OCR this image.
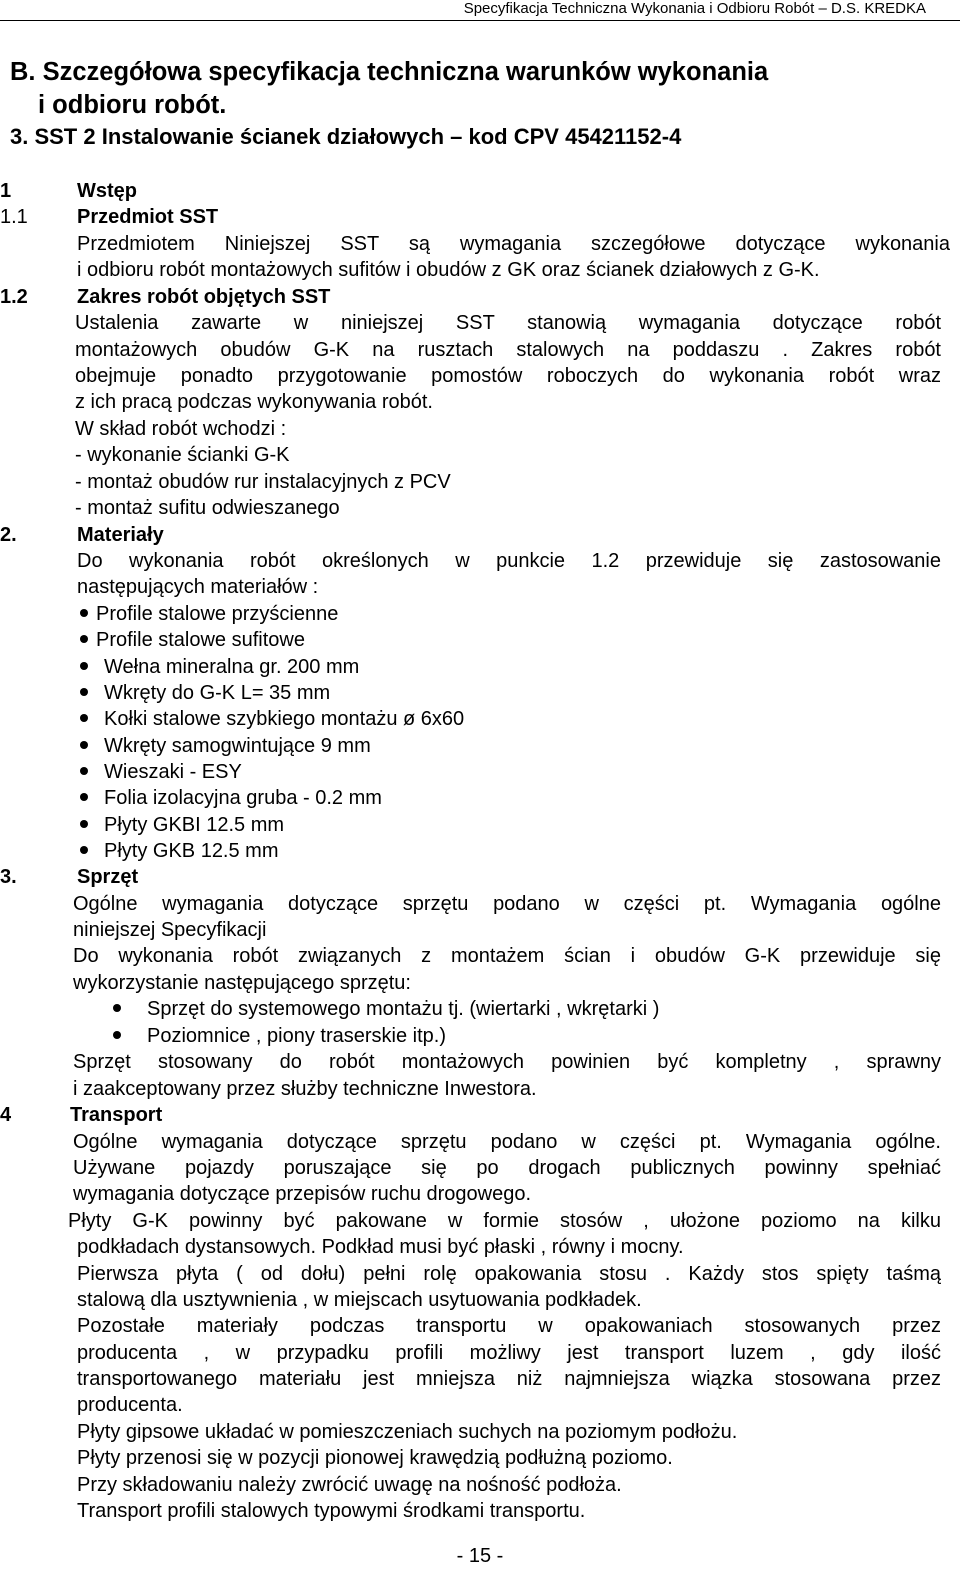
Specyfikacja Techniczna Wykonania i Odbioru Robót – D.S. KREDKA
B. Szczegółowa specyfikacja techniczna warunków wykonania
i odbioru robót.
3. SST 2 Instalowanie ścianek działowych – kod CPV 45421152-4
1	Wstęp
1.1 Przedmiot SST
Przedmiotem Niniejszej SST są wymagania szczegółowe dotyczące wykonania
i odbioru robót montażowych sufitów i obudów z GK oraz ścianek działowych z G-K.
1.2 Zakres robót objętych SST
Ustalenia zawarte w niniejszej SST stanowią wymagania dotyczące robót
montażowych obudów G-K na rusztach stalowych na poddaszu . Zakres robót
obejmuje ponadto przygotowanie pomostów roboczych do wykonania robót wraz
z ich pracą podczas wykonywania robót.
W skład robót wchodzi :
- wykonanie ścianki G-K
- montaż obudów rur instalacyjnych z PCV
- montaż sufitu odwieszanego
2.	Materiały
Do wykonania robót określonych w punkcie 1.2 przewiduje się zastosowanie
następujących materiałów :
Profile stalowe przyścienne
Profile stalowe sufitowe
Wełna mineralna gr. 200 mm
Wkręty do G-K L= 35 mm
Kołki stalowe szybkiego montażu ø 6x60
Wkręty samogwintujące 9 mm
Wieszaki - ESY
Folia izolacyjna gruba - 0.2 mm
Płyty GKBI 12.5 mm
Płyty GKB 12.5 mm
3.	Sprzęt
Ogólne wymagania dotyczące sprzętu podano w części pt. Wymagania ogólne
niniejszej Specyfikacji
Do wykonania robót związanych z montażem ścian i obudów G-K przewiduje się
wykorzystanie następującego sprzętu:
Sprzęt do systemowego montażu tj. (wiertarki , wkrętarki )
Poziomnice , piony traserskie itp.)
Sprzęt stosowany do robót montażowych powinien być kompletny , sprawny
i zaakceptowany przez służby techniczne Inwestora.
4	Transport
Ogólne wymagania dotyczące sprzętu podano w części pt. Wymagania ogólne.
Używane pojazdy poruszające się po drogach publicznych powinny spełniać
wymagania dotyczące przepisów ruchu drogowego.
Płyty G-K powinny być pakowane w formie stosów , ułożone poziomo na kilku
podkładach dystansowych. Podkład musi być płaski , równy i mocny.
Pierwsza płyta ( od dołu) pełni rolę opakowania stosu . Każdy stos spięty taśmą
stalową dla usztywnienia , w miejscach usytuowania podkładek.
Pozostałe materiały podczas transportu w opakowaniach stosowanych przez
producenta , w przypadku profili możliwy jest transport luzem , gdy ilość
transportowanego materiału jest mniejsza niż najmniejsza wiązka stosowana przez
producenta.
Płyty gipsowe układać w pomieszczeniach suchych na poziomym podłożu.
Płyty przenosi się w pozycji pionowej krawędzią podłużną poziomo.
Przy składowaniu należy zwrócić uwagę na nośność podłoża.
Transport profili stalowych typowymi środkami transportu.
- 15 -
